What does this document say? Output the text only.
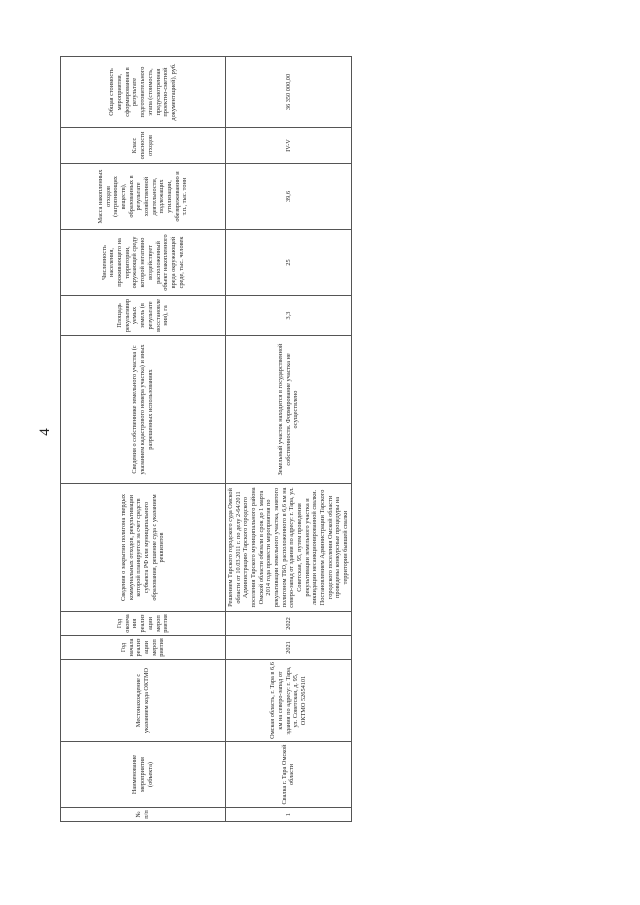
4
№ п/п	Наименование мероприятия (объекта)	Местонахождение с указанием кода ОКТМО	Год начала реализации мероприятия	Год окончания реализации мероприятия	Сведения о закрытии полигона твердых коммунальных отходов, рекультивации которой планируется за счет средств субъекта РФ или муниципального образования, решение суда с указанием реквизитов	Сведения о собственнике земельного участка (с указанием кадастрового номера участка) и иных разрешенных использованиях	Площадь рекультивируемых земель (в результате восстановления), га	Численность населения, проживающего на территории, окружающей среду которой негативно воздействует расположенный объект накопленного вреда окружающей среде, тыс. человек	Масса накопленных отходов (загрязняющих веществ), образованных в результате хозяйственной деятельности, подлежащих утилизации, обезвреживанию и т.п., тыс. тонн	Класс опасности отходов	Общая стоимость мероприятия, сформированная в результате подготовительного этапа (стоимость, предусмотренная проектно-сметной документацией), руб.
1	Свалка г. Тара Омской области	Омская область, г. Тара в 6,6 км на северо-запад от здания по адресу: г. Тара, ул. Советская, д. 95, ОКТМО 52654101	2021	2022	Решением Тарского городского суда Омской области от 10.03.2011 г. по делу 2-64/2011 Администрацию Тарского городского поселения Тарского муниципального района Омской области обязали в срок до 1 марта 2014 года провести мероприятия по рекультивации земельного участка, занятого полигоном ТБО, расположенного в 6,6 км на северо-запад от здания по адресу: г. Тара, ул. Советская, 95, путем проведения рекультивации земельного участка и ликвидации несанкционированной свалки. Постановлением Администрации Тарского городского поселения Омской области проведены конкурсные процедуры на территории бывшей свалки	Земельный участок находится в государственной собственности. Формирование участка не осуществлено	3,3	25	39,6	IV-V	36 350 000,00
